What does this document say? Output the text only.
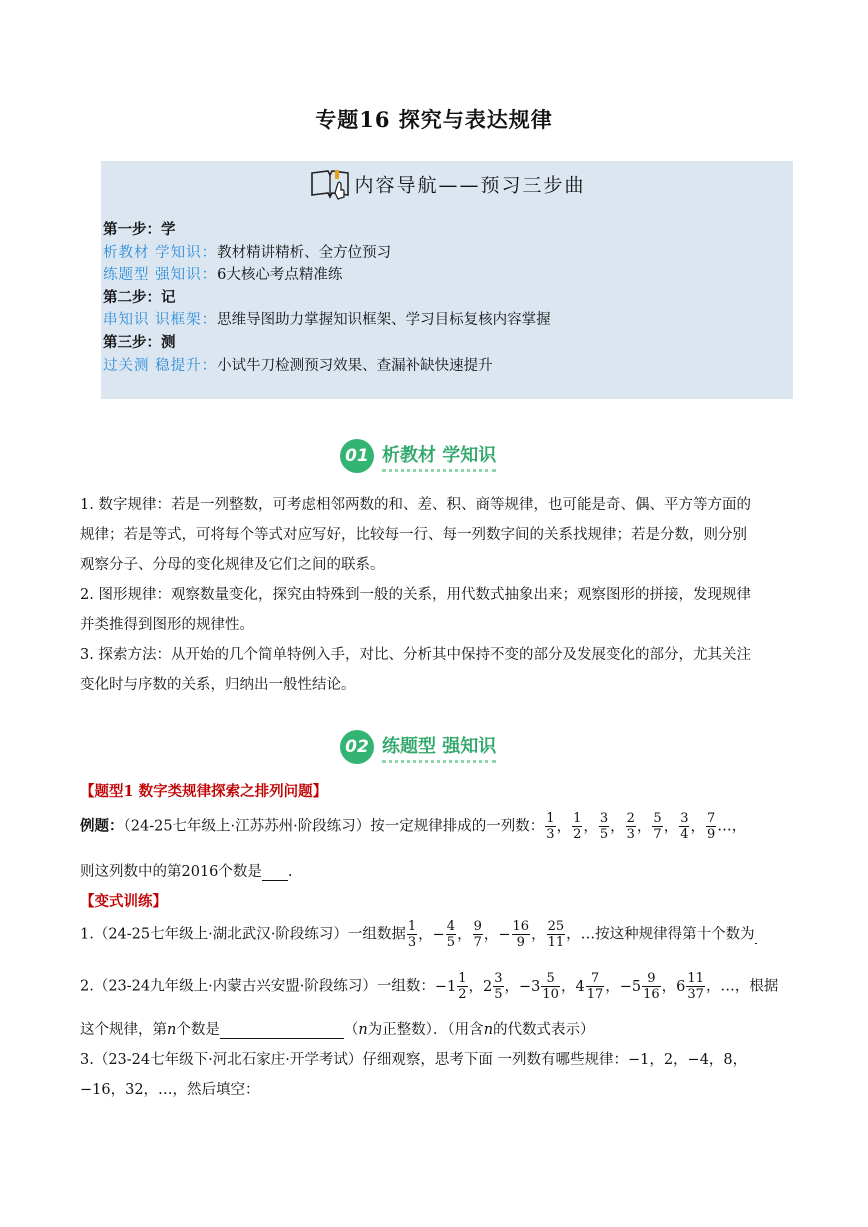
专题16 探究与表达规律
内容导航——预习三步曲
第一步：学
析教材 学知识：教材精讲精析、全方位预习
练题型 强知识：6大核心考点精准练
第二步：记
串知识 识框架：思维导图助力掌握知识框架、学习目标复核内容掌握
第三步：测
过关测 稳提升：小试牛刀检测预习效果、查漏补缺快速提升
01 析教材 学知识
1. 数字规律：若是一列整数，可考虑相邻两数的和、差、积、商等规律，也可能是奇、偶、平方等方面的
规律；若是等式，可将每个等式对应写好，比较每一行、每一列数字间的关系找规律；若是分数，则分别
观察分子、分母的变化规律及它们之间的联系。
2. 图形规律：观察数量变化，探究由特殊到一般的关系，用代数式抽象出来；观察图形的拼接，发现规律
并类推得到图形的规律性。
3. 探索方法：从开始的几个简单特例入手，对比、分析其中保持不变的部分及发展变化的部分，尤其关注
变化时与序数的关系，归纳出一般性结论。
02 练题型 强知识
【题型1 数字类规律探索之排列问题】
例题：（24-25七年级上·江苏苏州·阶段练习）按一定规律排成的一列数： $\frac{1}{3}$ ， $\frac{1}{2}$ ， $\frac{3}{5}$ ， $\frac{2}{3}$ ， $\frac{5}{7}$ ， $\frac{3}{4}$ ， $\frac{7}{9}$ …，
则这列数中的第2016个数是 .
【变式训练】
1.（24-25七年级上·湖北武汉·阶段练习）一组数据 $\frac{1}{3}$ ，− $\frac{4}{5}$ ， $\frac{9}{7}$ ，− $\frac{16}{9}$ ， $\frac{25}{11}$ ，…按这种规律得第十个数为
2.（23-24九年级上·内蒙古兴安盟·阶段练习）一组数：$-1 \frac{1}{2}$ ，$2 \frac{3}{5}$ ，$-3 \frac{5}{10}$ ，$4 \frac{7}{17}$ ，$-5 \frac{9}{16}$ ，$6 \frac{11}{37}$ ，…，根据
这个规律，第n个数是	（n为正整数）．（用含n的代数式表示）
3.（23-24七年级下·河北石家庄·开学考试）仔细观察，思考下面 一列数有哪些规律：−1，2，−4，8，
−16，32，…，然后填空：
